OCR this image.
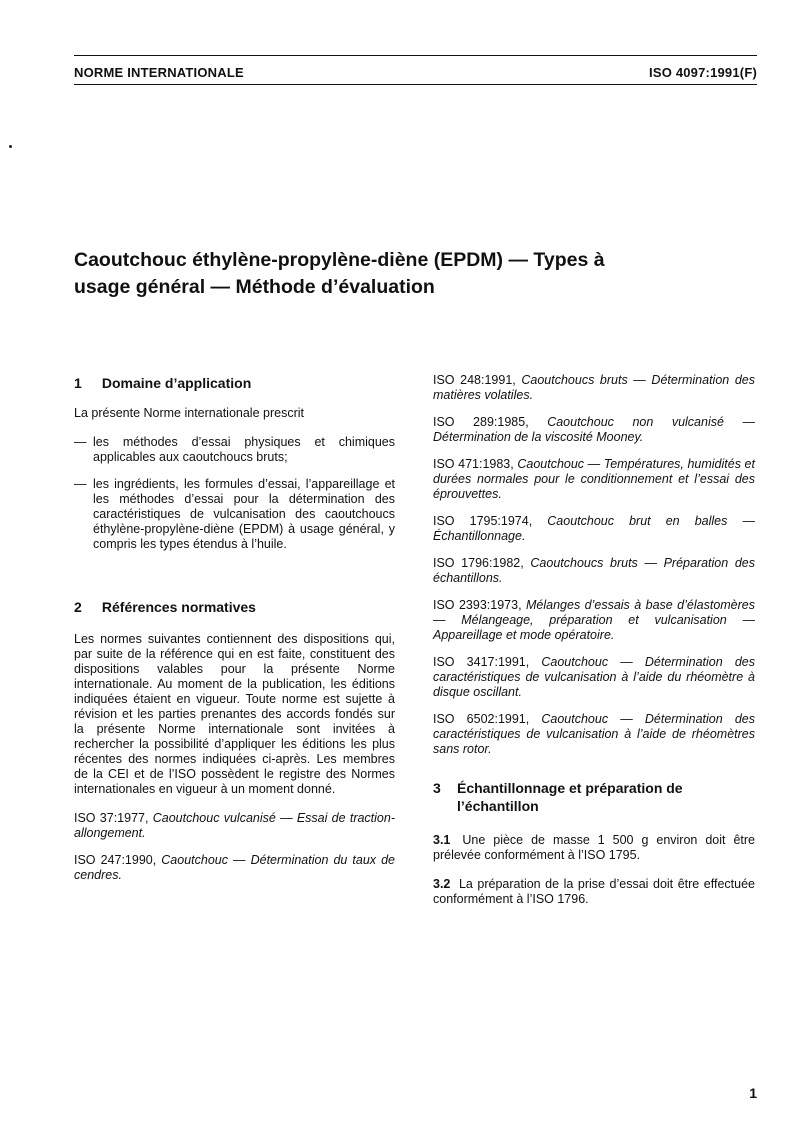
NORME INTERNATIONALE	ISO 4097:1991(F)
Caoutchouc éthylène-propylène-diène (EPDM) — Types à
usage général — Méthode d’évaluation
1 Domaine d’application

La présente Norme internationale prescrit

— les méthodes d’essai physiques et chimiques applicables aux caoutchoucs bruts;
— les ingrédients, les formules d’essai, l’appareillage et les méthodes d’essai pour la détermination des caractéristiques de vulcanisation des caoutchoucs éthylène-propylène-diène (EPDM) à usage général, y compris les types étendus à l’huile.
2 Références normatives

Les normes suivantes contiennent des dispositions qui, par suite de la référence qui en est faite, constituent des dispositions valables pour la présente Norme internationale. Au moment de la publication, les éditions indiquées étaient en vigueur. Toute norme est sujette à révision et les parties prenantes des accords fondés sur la présente Norme internationale sont invitées à rechercher la possibilité d’appliquer les éditions les plus récentes des normes indiquées ci-après. Les membres de la CEI et de l’ISO possèdent le registre des Normes internationales en vigueur à un moment donné.

ISO 37:1977, Caoutchouc vulcanisé — Essai de traction-allongement.
ISO 247:1990, Caoutchouc — Détermination du taux de cendres.
ISO 248:1991, Caoutchoucs bruts — Détermination des matières volatiles.
ISO 289:1985, Caoutchouc non vulcanisé — Détermination de la viscosité Mooney.
ISO 471:1983, Caoutchouc — Températures, humidités et durées normales pour le conditionnement et l’essai des éprouvettes.
ISO 1795:1974, Caoutchouc brut en balles — Échantillonnage.
ISO 1796:1982, Caoutchoucs bruts — Préparation des échantillons.
ISO 2393:1973, Mélanges d’essais à base d’élastomères — Mélangeage, préparation et vulcanisation — Appareillage et mode opératoire.
ISO 3417:1991, Caoutchouc — Détermination des caractéristiques de vulcanisation à l’aide du rhéomètre à disque oscillant.
ISO 6502:1991, Caoutchouc — Détermination des caractéristiques de vulcanisation à l’aide de rhéomètres sans rotor.
3	Échantillonnage et préparation de l’échantillon

3.1 Une pièce de masse 1 500 g environ doit être prélevée conformément à l’ISO 1795.

3.2 La préparation de la prise d’essai doit être effectuée conformément à l’ISO 1796.

1
